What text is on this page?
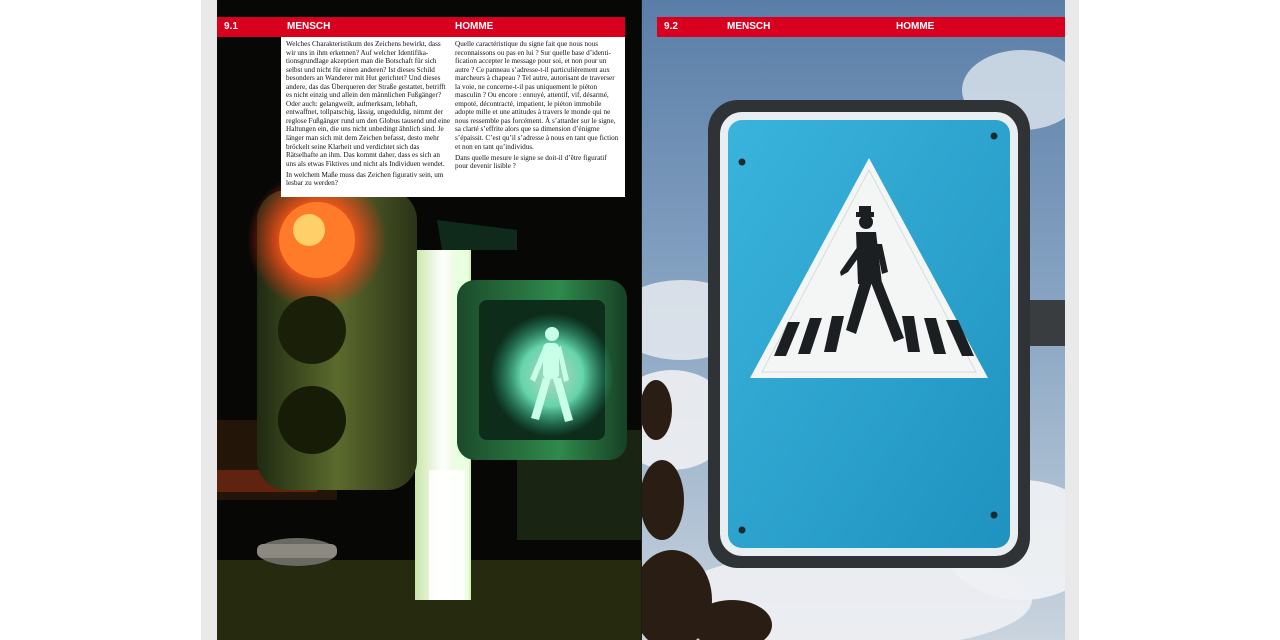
9.1	MENSCH	HOMME	9.2	MENSCH	HOMME

Welches Charakteristikum des Zeichens bewirkt, dass wir uns in ihm erkennen? Auf welcher Identifika-tionsgrundlage akzeptiert man die Botschaft für sich selbst und nicht für einen anderen? Ist dieses Schild besonders an Wanderer mit Hut gerichtet? Und dieses andere, das das Überqueren der Straße gestattet, betrifft es nicht einzig und allein den männlichen Fußgänger? Oder auch: gelangweilt, aufmerksam, lebhaft, entwaffnet, tollpatschig, lässig, ungeduldig, nimmt der reglose Fußgänger rund um den Globus tausend und eine Haltungen ein, die uns nicht unbedingt ähnlich sind. Je länger man sich mit dem Zeichen befasst, desto mehr bröckelt seine Klarheit und verdichtet sich das Rätselhafte an ihm. Das kommt daher, dass es sich an uns als etwas Fiktives und nicht als Individuen wendet.

In welchem Maße muss das Zeichen figurativ sein, um lesbar zu werden?

Quelle caractéristique du signe fait que nous nous reconnaissons ou pas en lui ? Sur quelle base d’identi-fication accepter le message pour soi, et non pour un autre ? Ce panneau s’adresse-t-il particulièrement aux marcheurs à chapeau ? Tel autre, autorisant de traverser la voie, ne concerne-t-il pas uniquement le piéton masculin ? Ou encore : ennuyé, attentif, vif, désarmé, empoté, décontracté, impatient, le piéton immobile adopte mille et une attitudes à travers le monde qui ne nous ressemble pas forcément. À s’attarder sur le signe, sa clarté s’effrite alors que sa dimension d’énigme s’épaissit. C’est qu’il s’adresse à nous en tant que fiction et non en tant qu’individus.

Dans quelle mesure le signe se doit-il d’être figuratif pour devenir lisible ?
